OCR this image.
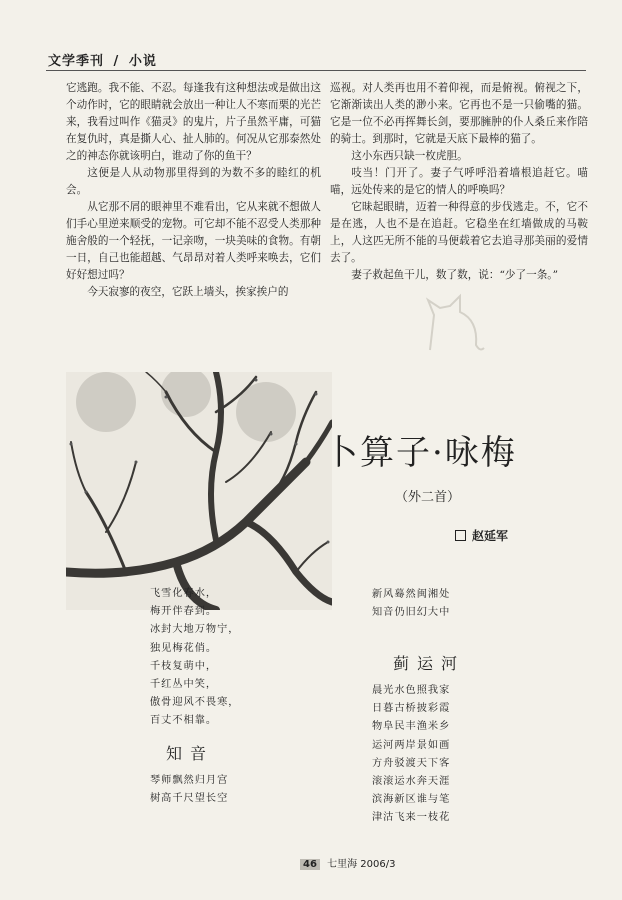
文学季刊 / 小说

它逃跑。我不能、不忍。每逢我有这种想法或是做出这个动作时，它的眼睛就会放出一种让人不寒而栗的光芒来，我看过叫作《猫灵》的鬼片，片子虽然平庸，可猫在复仇时，真是撕人心、扯人肺的。何况从它那泰然处之的神态你就该明白，谁动了你的鱼干？

这便是人从动物那里得到的为数不多的睦红的机会。

从它那不屑的眼神里不难看出，它从来就不想做人们手心里逆来顺受的宠物。可它却不能不忍受人类那种施舍般的一个轻抚，一记亲吻，一块美味的食物。有朝一日，自己也能超越、气昂昂对着人类呼来唤去，它们好好想过吗？

今天寂寥的夜空，它跃上墙头，挨家挨户的

巡视。对人类再也用不着仰视，而是俯视。俯视之下，它渐渐读出人类的渺小来。它再也不是一只偷嘴的猫。它是一位不必再挥舞长剑，要那臃肿的仆人桑丘来作陪的骑士。到那时，它就是天底下最棒的猫了。

这小东西只缺一枚虎胆。

吱当！门开了。妻子气呼呼沿着墙根追赶它。喵喵，远处传来的是它的情人的呼唤吗？

它昧起眼睛，迈着一种得意的步伐逃走。不，它不是在逃，人也不是在追赶。它稳坐在红墙做成的马鞍上，人这匹无所不能的马便载着它去追寻那美丽的爱情去了。

妻子救起鱼干儿，数了数，说：“少了一条。”

卜算子·咏梅
（外二首）
赵延军
飞雪化春水，
梅开伴春到。
冰封大地万物宁，
独见梅花俏。
千枝复萌中，
千红丛中笑，
傲骨迎风不畏寒，
百丈不相靠。
知音
琴师飘然归月宫
树高千尺望长空
新风蓦然闽湘处
知音仍旧幻大中
蓟运河
晨光水色照我家
日暮古桥披彩霞
物阜民丰渔米乡
运河两岸景如画
方舟驳渡天下客
滚滚运水奔天涯
滨海新区谁与笔
津沽飞来一枝花
46 七里海 2006/3
